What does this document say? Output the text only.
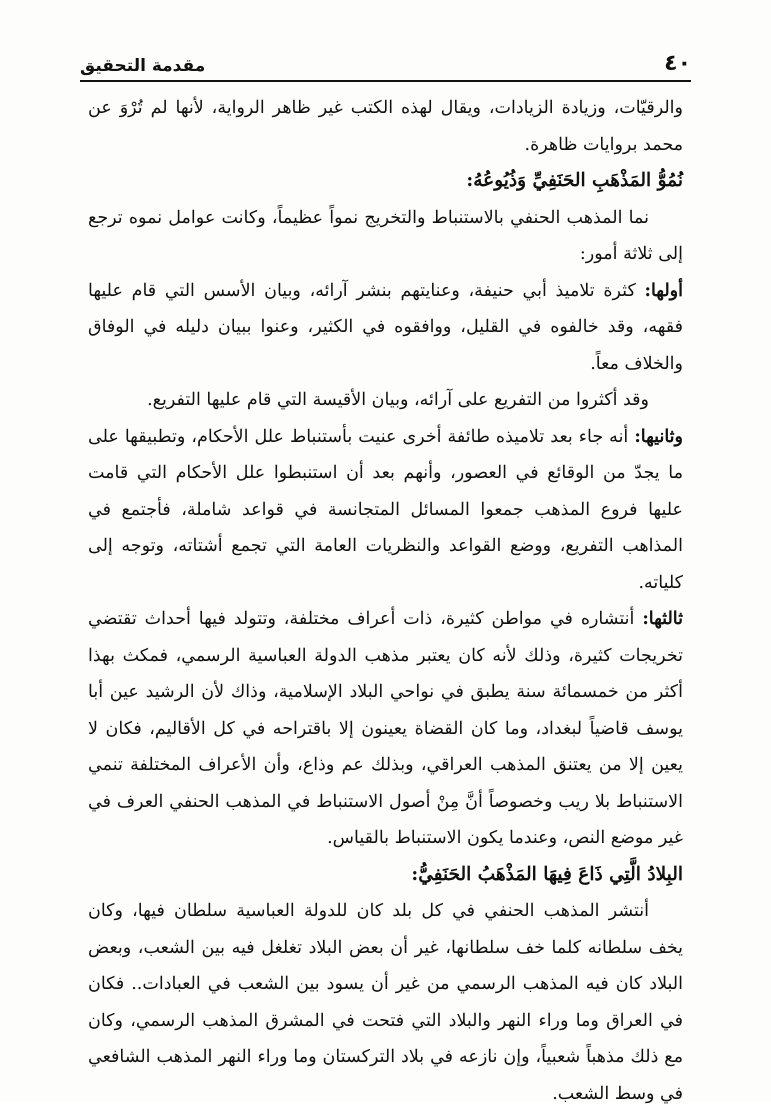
٤٠
مقدمة التحقيق

والرقيّات، وزيادة الزيادات، ويقال لهذه الكتب غير ظاهر الرواية، لأنها لم تُرْوَ عن محمد بروايات ظاهرة.

نُمُوُّ المَذْهَبِ الحَنَفِيِّ وَذُيُوعُهُ:

نما المذهب الحنفي بالاستنباط والتخريج نمواً عظيماً، وكانت عوامل نموه ترجع إلى ثلاثة أمور:

أولها: كثرة تلاميذ أبي حنيفة، وعنايتهم بنشر آرائه، وبيان الأسس التي قام عليها فقهه، وقد خالفوه في القليل، ووافقوه في الكثير، وعنوا ببيان دليله في الوفاق والخلاف معاً.

وقد أكثروا من التفريع على آرائه، وبيان الأقيسة التي قام عليها التفريع.

وثانيها: أنه جاء بعد تلاميذه طائفة أخرى عنيت بأستنباط علل الأحكام، وتطبيقها على ما يجدّ من الوقائع في العصور، وأنهم بعد أن استنبطوا علل الأحكام التي قامت عليها فروع المذهب جمعوا المسائل المتجانسة في قواعد شاملة، فأجتمع في المذاهب التفريع، ووضع القواعد والنظريات العامة التي تجمع أشتاته، وتوجه إلى كلياته.

ثالثها: أنتشاره في مواطن كثيرة، ذات أعراف مختلفة، وتتولد فيها أحداث تقتضي تخريجات كثيرة، وذلك لأنه كان يعتبر مذهب الدولة العباسية الرسمي، فمكث بهذا أكثر من خمسمائة سنة يطبق في نواحي البلاد الإسلامية، وذاك لأن الرشيد عين أبا يوسف قاضياً لبغداد، وما كان القضاة يعينون إلا باقتراحه في كل الأقاليم، فكان لا يعين إلا من يعتنق المذهب العراقي، وبذلك عم وذاع، وأن الأعراف المختلفة تنمي الاستنباط بلا ريب وخصوصاً أنَّ مِنْ أصول الاستنباط في المذهب الحنفي العرف في غير موضع النص، وعندما يكون الاستنباط بالقياس.

البِلادُ الَّتِي ذَاعَ فِيهَا المَذْهَبُ الحَنَفِيُّ:

أنتشر المذهب الحنفي في كل بلد كان للدولة العباسية سلطان فيها، وكان يخف سلطانه كلما خف سلطانها، غير أن بعض البلاد تغلغل فيه بين الشعب، وبعض البلاد كان فيه المذهب الرسمي من غير أن يسود بين الشعب في العبادات.. فكان في العراق وما وراء النهر والبلاد التي فتحت في المشرق المذهب الرسمي، وكان مع ذلك مذهباً شعبياً، وإن نازعه في بلاد التركستان وما وراء النهر المذهب الشافعي في وسط الشعب.
